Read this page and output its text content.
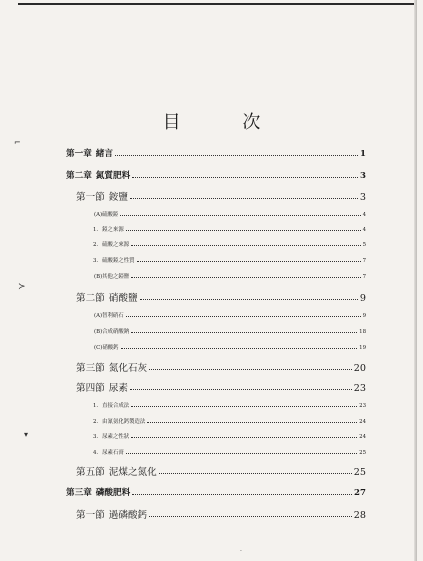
目 次
第一章 緒言	1
第二章 氮質肥料	3
第一節 銨鹽	3
(A)硫酸錏	4
1. 錏之來源	4
2. 硫酸之來源	5
3. 硫酸錏之性質	7
(B)其他之錏鹽	7
第二節 硝酸鹽	9
(A)智利硝石	9
(B)合成硝酸鈉	18
(C)硝酸鈣	19
第三節 氮化石灰	20
第四節 尿素	23
1. 直接合成法	23
2. 由氰氨化鈣製造法	24
3. 尿素之性狀	24
4. 尿素石膏	25
第五節 泥煤之氮化	25
第三章 磷酸肥料	27
第一節 過磷酸鈣	28
⌐
≻
▾
·
